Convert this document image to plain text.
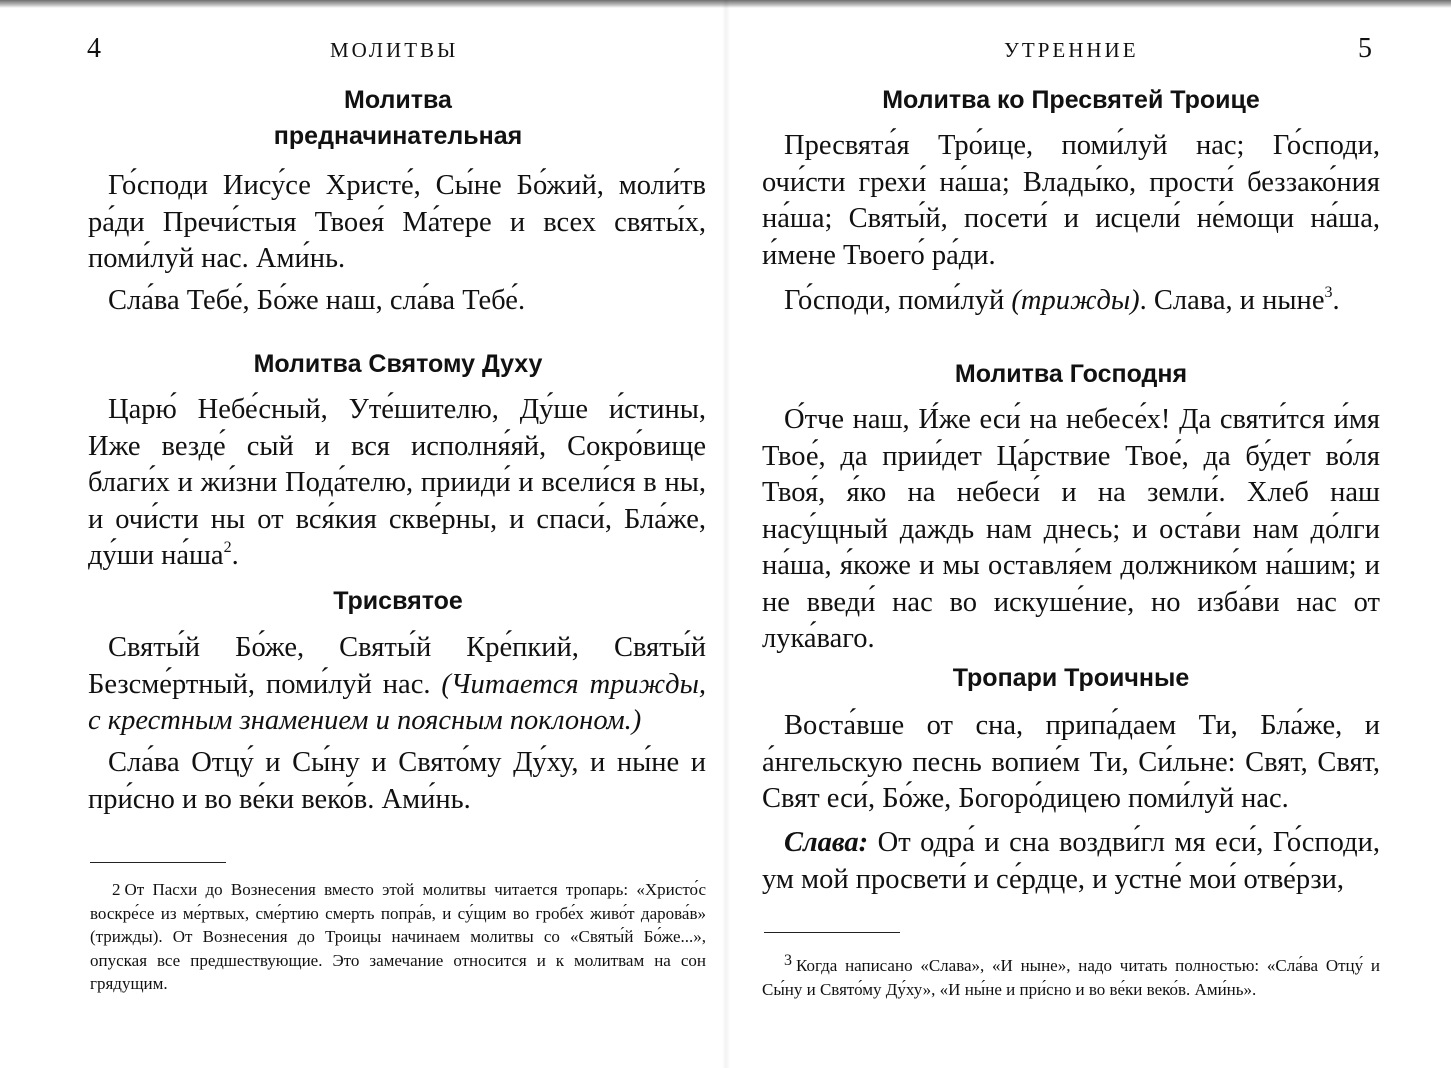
4	МОЛИТВЫ
Молитва
предначинательная

Го́споди Иису́се Христе́, Сы́не Бо́жий, моли́тв ра́ди Пречи́стыя Твоея́ Ма́тере и всех святы́х, поми́луй нас. Ами́нь.

Сла́ва Тебе́, Бо́же наш, сла́ва Тебе́.

Молитва Святому Духу

Царю́ Небе́сный, Уте́шителю, Ду́ше и́стины, Иже везде́ сый и вся исполня́яй, Сокро́вище благи́х и жи́зни Пода́телю, прииди́ и всели́ся в ны, и очи́сти ны от вся́кия скве́рны, и спаси́, Бла́же, ду́ши $на́ша^2$.

Трисвятое

Святы́й Бо́же, Святы́й Кре́пкий, Святы́й Безсме́ртный, поми́луй нас. (Читается трижды, с крестным знамением и поясным поклоном.)

Сла́ва Отцу́ и Сы́ну и Свято́му Ду́ху, и ны́не и при́сно и во ве́ки веко́в. Ами́нь.

2 От Пасхи до Вознесения вместо этой молитвы читается тропарь: «Христо́с воскре́се из ме́ртвых, сме́ртию смерть попра́в, и су́щим во гробе́х живо́т дарова́в» (трижды). От Вознесения до Троицы начинаем молитвы со «Святы́й Бо́же...», опуская все предшествующие. Это замечание относится и к молитвам на сон грядущим.

УТРЕННИЕ	5
Молитва ко Пресвятей Троице

Пресвята́я Тро́ице, поми́луй нас; Го́споди, очи́сти грехи́ на́ша; Влады́ко, прости́ беззако́ния на́ша; Святы́й, посети́ и исцели́ не́мощи на́ша, и́мене Твоего́ ра́ди.

Го́споди, поми́луй (трижды). Слава, и ныне$^3$.

Молитва Господня

О́тче наш, И́же еси́ на небесе́х! Да святи́тся и́мя Твое́, да прии́дет Ца́рствие Твое́, да бу́дет во́ля Твоя́, я́ко на небеси́ и на земли́. Хлеб наш насу́щный даждь нам днесь; и оста́ви нам до́лги на́ша, я́коже и мы оставля́ем должнико́м на́шим; и не введи́ нас во искуше́ние, но изба́ви нас от лука́ваго.

Тропари Троичные

Воста́вше от сна, припа́даем Ти, Бла́же, и а́нгельскую песнь вопие́м Ти, Си́льне: Свят, Свят, Свят еси́, Бо́же, Богоро́дицею поми́луй нас.

Слава: От одра́ и сна воздви́гл мя еси́, Го́споди, ум мой просвети́ и се́рдце, и устне́ мои́ отве́рзи,

3 Когда написано «Слава», «И ныне», надо читать полностью: «Сла́ва Отцу́ и Сы́ну и Свято́му Ду́ху», «И ны́не и при́сно и во ве́ки веко́в. Ами́нь».
